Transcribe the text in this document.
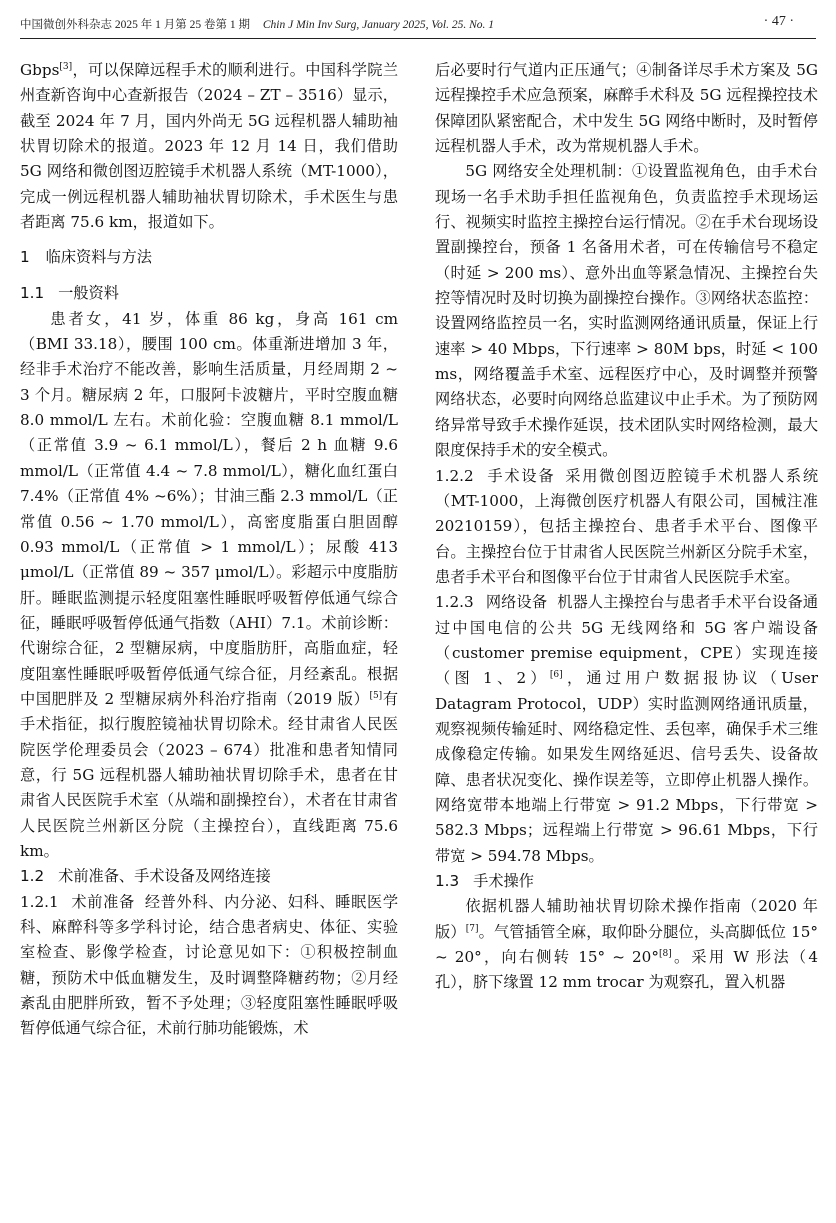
中国微创外科杂志 2025 年 1 月第 25 卷第 1 期 Chin J Min Inv Surg, January 2025, Vol. 25. No. 1	· 47 ·

Gbps[3]，可以保障远程手术的顺利进行。中国科学院兰州查新咨询中心查新报告（2024 – ZT – 3516）显示，截至 2024 年 7 月，国内外尚无 5G 远程机器人辅助袖状胃切除术的报道。2023 年 12 月 14 日，我们借助 5G 网络和微创图迈腔镜手术机器人系统（MT-1000），完成一例远程机器人辅助袖状胃切除术，手术医生与患者距离 75.6 km，报道如下。

1 临床资料与方法
1.1 一般资料

患者女，41 岁，体重 86 kg，身高 161 cm（BMI 33.18），腰围 100 cm。体重渐进增加 3 年，经非手术治疗不能改善，影响生活质量，月经周期 2 ~ 3 个月。糖尿病 2 年，口服阿卡波糖片，平时空腹血糖 8.0 mmol/L 左右。术前化验：空腹血糖 8.1 mmol/L（正常值 3.9 ~ 6.1 mmol/L），餐后 2 h 血糖 9.6 mmol/L（正常值 4.4 ~ 7.8 mmol/L），糖化血红蛋白 7.4%（正常值 4% ~6%）；甘油三酯 2.3 mmol/L（正常值 0.56 ~ 1.70 mmol/L），高密度脂蛋白胆固醇 0.93 mmol/L（正常值 > 1 mmol/L）；尿酸 413 μmol/L（正常值 89 ~ 357 μmol/L）。彩超示中度脂肪肝。睡眠监测提示轻度阻塞性睡眠呼吸暂停低通气综合征，睡眠呼吸暂停低通气指数（AHI）7.1。术前诊断：代谢综合征，2 型糖尿病，中度脂肪肝，高脂血症，轻度阻塞性睡眠呼吸暂停低通气综合征，月经紊乱。根据中国肥胖及 2 型糖尿病外科治疗指南（2019 版）[5]有手术指征，拟行腹腔镜袖状胃切除术。经甘肃省人民医院医学伦理委员会（2023 – 674）批准和患者知情同意，行 5G 远程机器人辅助袖状胃切除手术，患者在甘肃省人民医院手术室（从端和副操控台），术者在甘肃省人民医院兰州新区分院（主操控台），直线距离 75.6 km。

1.2 术前准备、手术设备及网络连接

1.2.1 术前准备 经普外科、内分泌、妇科、睡眠医学科、麻醉科等多学科讨论，结合患者病史、体征、实验室检查、影像学检查，讨论意见如下：①积极控制血糖，预防术中低血糖发生，及时调整降糖药物；②月经紊乱由肥胖所致，暂不予处理；③轻度阻塞性睡眠呼吸暂停低通气综合征，术前行肺功能锻炼，术

后必要时行气道内正压通气；④制备详尽手术方案及 5G 远程操控手术应急预案，麻醉手术科及 5G 远程操控技术保障团队紧密配合，术中发生 5G 网络中断时，及时暂停远程机器人手术，改为常规机器人手术。

5G 网络安全处理机制：①设置监视角色，由手术台现场一名手术助手担任监视角色，负责监控手术现场运行、视频实时监控主操控台运行情况。②在手术台现场设置副操控台，预备 1 名备用术者，可在传输信号不稳定（时延 > 200 ms）、意外出血等紧急情况、主操控台失控等情况时及时切换为副操控台操作。③网络状态监控：设置网络监控员一名，实时监测网络通讯质量，保证上行速率 > 40 Mbps，下行速率 > 80M bps，时延 < 100 ms，网络覆盖手术室、远程医疗中心，及时调整并预警网络状态，必要时向网络总监建议中止手术。为了预防网络异常导致手术操作延误，技术团队实时网络检测，最大限度保持手术的安全模式。

1.2.2 手术设备 采用微创图迈腔镜手术机器人系统（MT-1000，上海微创医疗机器人有限公司，国械注准 20210159），包括主操控台、患者手术平台、图像平台。主操控台位于甘肃省人民医院兰州新区分院手术室，患者手术平台和图像平台位于甘肃省人民医院手术室。

1.2.3 网络设备 机器人主操控台与患者手术平台设备通过中国电信的公共 5G 无线网络和 5G 客户端设备（customer premise equipment，CPE）实现连接（图 1、2）[6]，通过用户数据报协议（User Datagram Protocol，UDP）实时监测网络通讯质量，观察视频传输延时、网络稳定性、丢包率，确保手术三维成像稳定传输。如果发生网络延迟、信号丢失、设备故障、患者状况变化、操作误差等，立即停止机器人操作。网络宽带本地端上行带宽 > 91.2 Mbps，下行带宽 > 582.3 Mbps；远程端上行带宽 > 96.61 Mbps，下行带宽 > 594.78 Mbps。

1.3 手术操作

依据机器人辅助袖状胃切除术操作指南（2020 年版）[7]。气管插管全麻，取仰卧分腿位，头高脚低位 15° ~ 20°，向右侧转 15° ~ 20°[8]。采用 W 形法（4 孔），脐下缘置 12 mm trocar 为观察孔，置入机器
